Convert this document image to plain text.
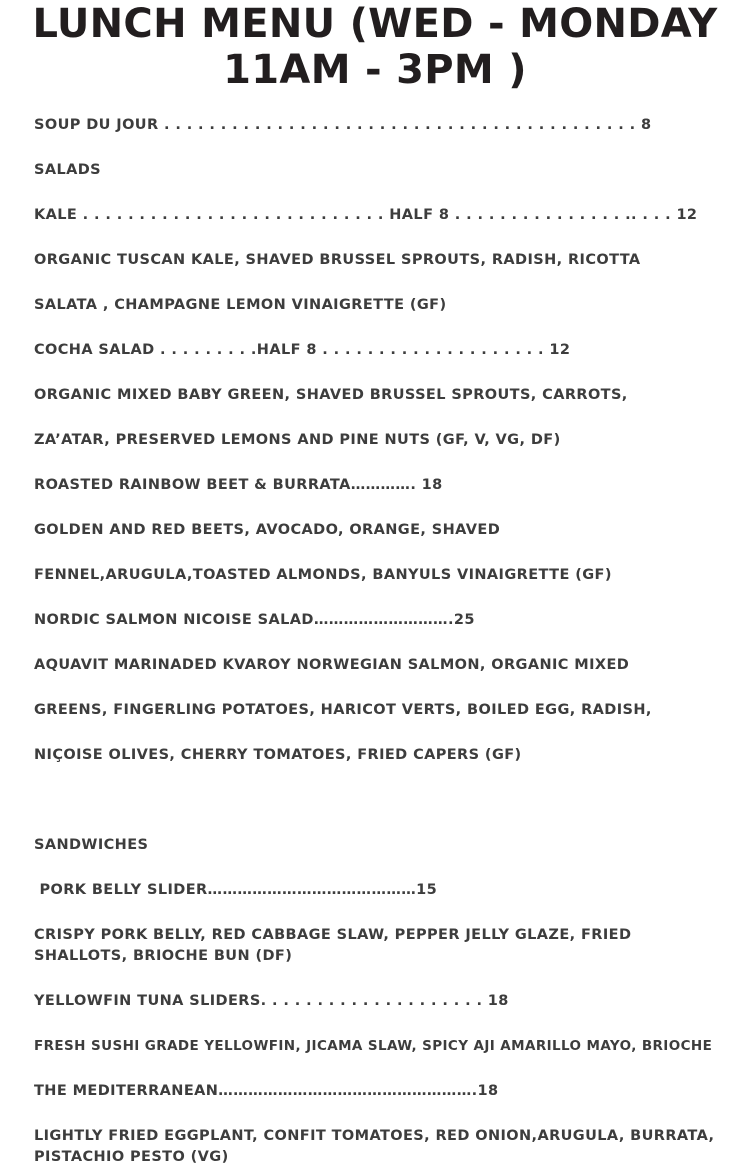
LUNCH MENU (WED - MONDAY
11AM - 3PM )
SOUP DU JOUR . . . . . . . . . . . . . . . . . . . . . . . . . . . . . . . . . . . . . . . . . . 8
SALADS
KALE . . . . . . . . . . . . . . . . . . . . . . . . . . . HALF 8 . . . . . . . . . . . . . . . .. . . . 12
ORGANIC TUSCAN KALE, SHAVED BRUSSEL SPROUTS, RADISH, RICOTTA
SALATA , CHAMPAGNE LEMON VINAIGRETTE (GF)
COCHA SALAD . . . . . . . . .HALF 8 . . . . . . . . . . . . . . . . . . . . 12
ORGANIC MIXED BABY GREEN, SHAVED BRUSSEL SPROUTS, CARROTS,
ZA’ATAR, PRESERVED LEMONS AND PINE NUTS (GF, V, VG, DF)
ROASTED RAINBOW BEET & BURRATA…………. 18
GOLDEN AND RED BEETS, AVOCADO, ORANGE, SHAVED
FENNEL,ARUGULA,TOASTED ALMONDS, BANYULS VINAIGRETTE (GF)
NORDIC SALMON NICOISE SALAD……………………….25
AQUAVIT MARINADED KVAROY NORWEGIAN SALMON, ORGANIC MIXED
GREENS, FINGERLING POTATOES, HARICOT VERTS, BOILED EGG, RADISH,
NIÇOISE OLIVES, CHERRY TOMATOES, FRIED CAPERS (GF)
SANDWICHES
PORK BELLY SLIDER……………………………………15
CRISPY PORK BELLY, RED CABBAGE SLAW, PEPPER JELLY GLAZE, FRIED SHALLOTS, BRIOCHE BUN (DF)
YELLOWFIN TUNA SLIDERS. . . . . . . . . . . . . . . . . . . . 18
FRESH SUSHI GRADE YELLOWFIN, JICAMA SLAW, SPICY AJI AMARILLO MAYO, BRIOCHE
THE MEDITERRANEAN…………………………………………….18
LIGHTLY FRIED EGGPLANT, CONFIT TOMATOES, RED ONION,ARUGULA, BURRATA, PISTACHIO PESTO (VG)
